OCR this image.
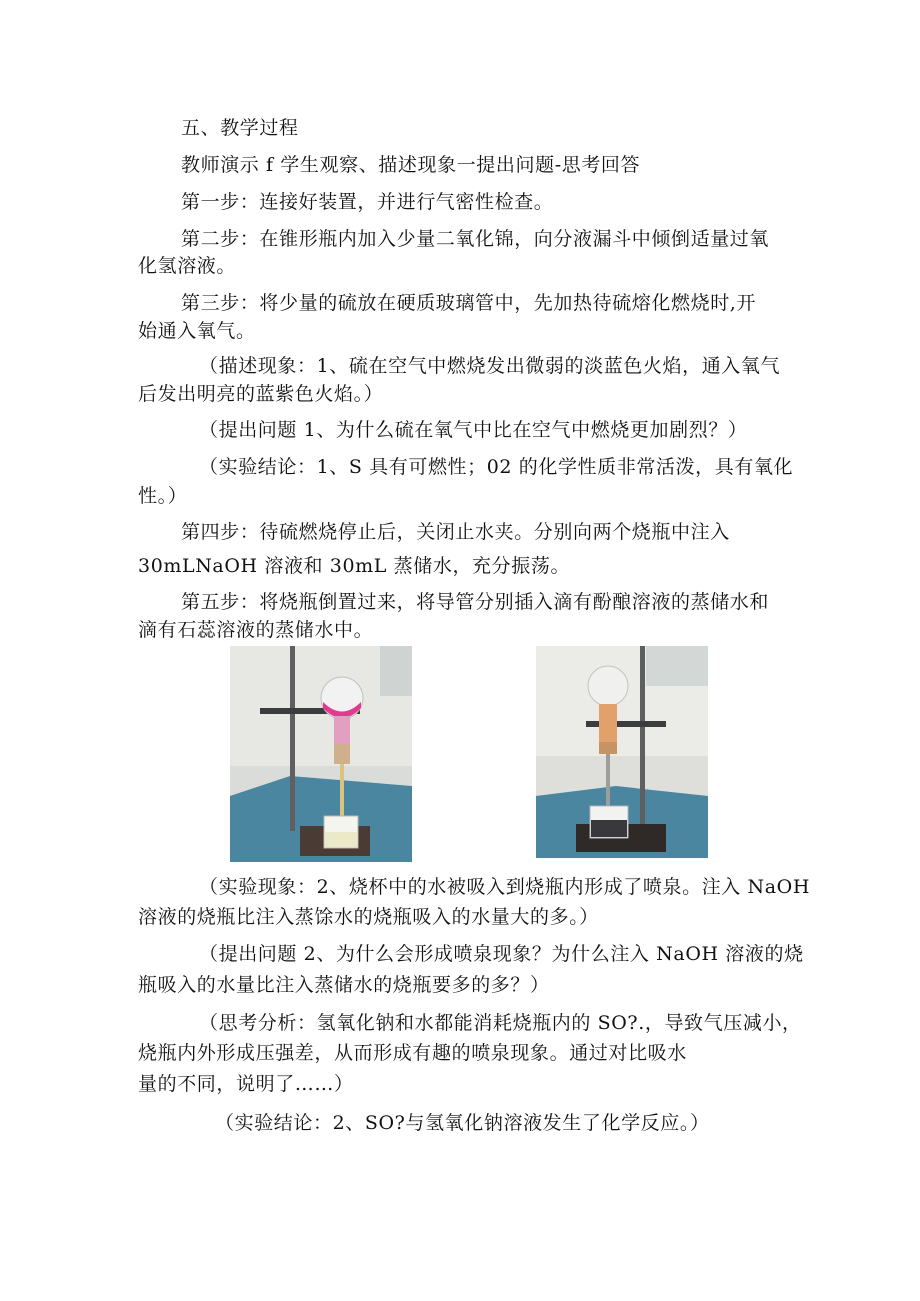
五、教学过程
教师演示 f 学生观察、描述现象一提出问题-思考回答
第一步：连接好装置，并进行气密性检查。
第二步：在锥形瓶内加入少量二氧化锦，向分液漏斗中倾倒适量过氧
化氢溶液。
第三步：将少量的硫放在硬质玻璃管中，先加热待硫熔化燃烧时,开
始通入氧气。
（描述现象：1、硫在空气中燃烧发出微弱的淡蓝色火焰，通入氧气
后发出明亮的蓝紫色火焰。）
（提出问题 1、为什么硫在氧气中比在空气中燃烧更加剧烈？）
（实验结论：1、S 具有可燃性；02 的化学性质非常活泼，具有氧化
性。）
第四步：待硫燃烧停止后，关闭止水夹。分别向两个烧瓶中注入
30mLNaOH 溶液和 30mL 蒸储水，充分振荡。
第五步：将烧瓶倒置过来，将导管分别插入滴有酚酿溶液的蒸储水和
滴有石蕊溶液的蒸储水中。
（实验现象：2、烧杯中的水被吸入到烧瓶内形成了喷泉。注入 NaOH
溶液的烧瓶比注入蒸馀水的烧瓶吸入的水量大的多。）
（提出问题 2、为什么会形成喷泉现象？为什么注入 NaOH 溶液的烧
瓶吸入的水量比注入蒸储水的烧瓶要多的多？）
（思考分析：氢氧化钠和水都能消耗烧瓶内的 SO?.，导致气压减小，
烧瓶内外形成压强差，从而形成有趣的喷泉现象。通过对比吸水
量的不同，说明了……）
（实验结论：2、SO?与氢氧化钠溶液发生了化学反应。）
